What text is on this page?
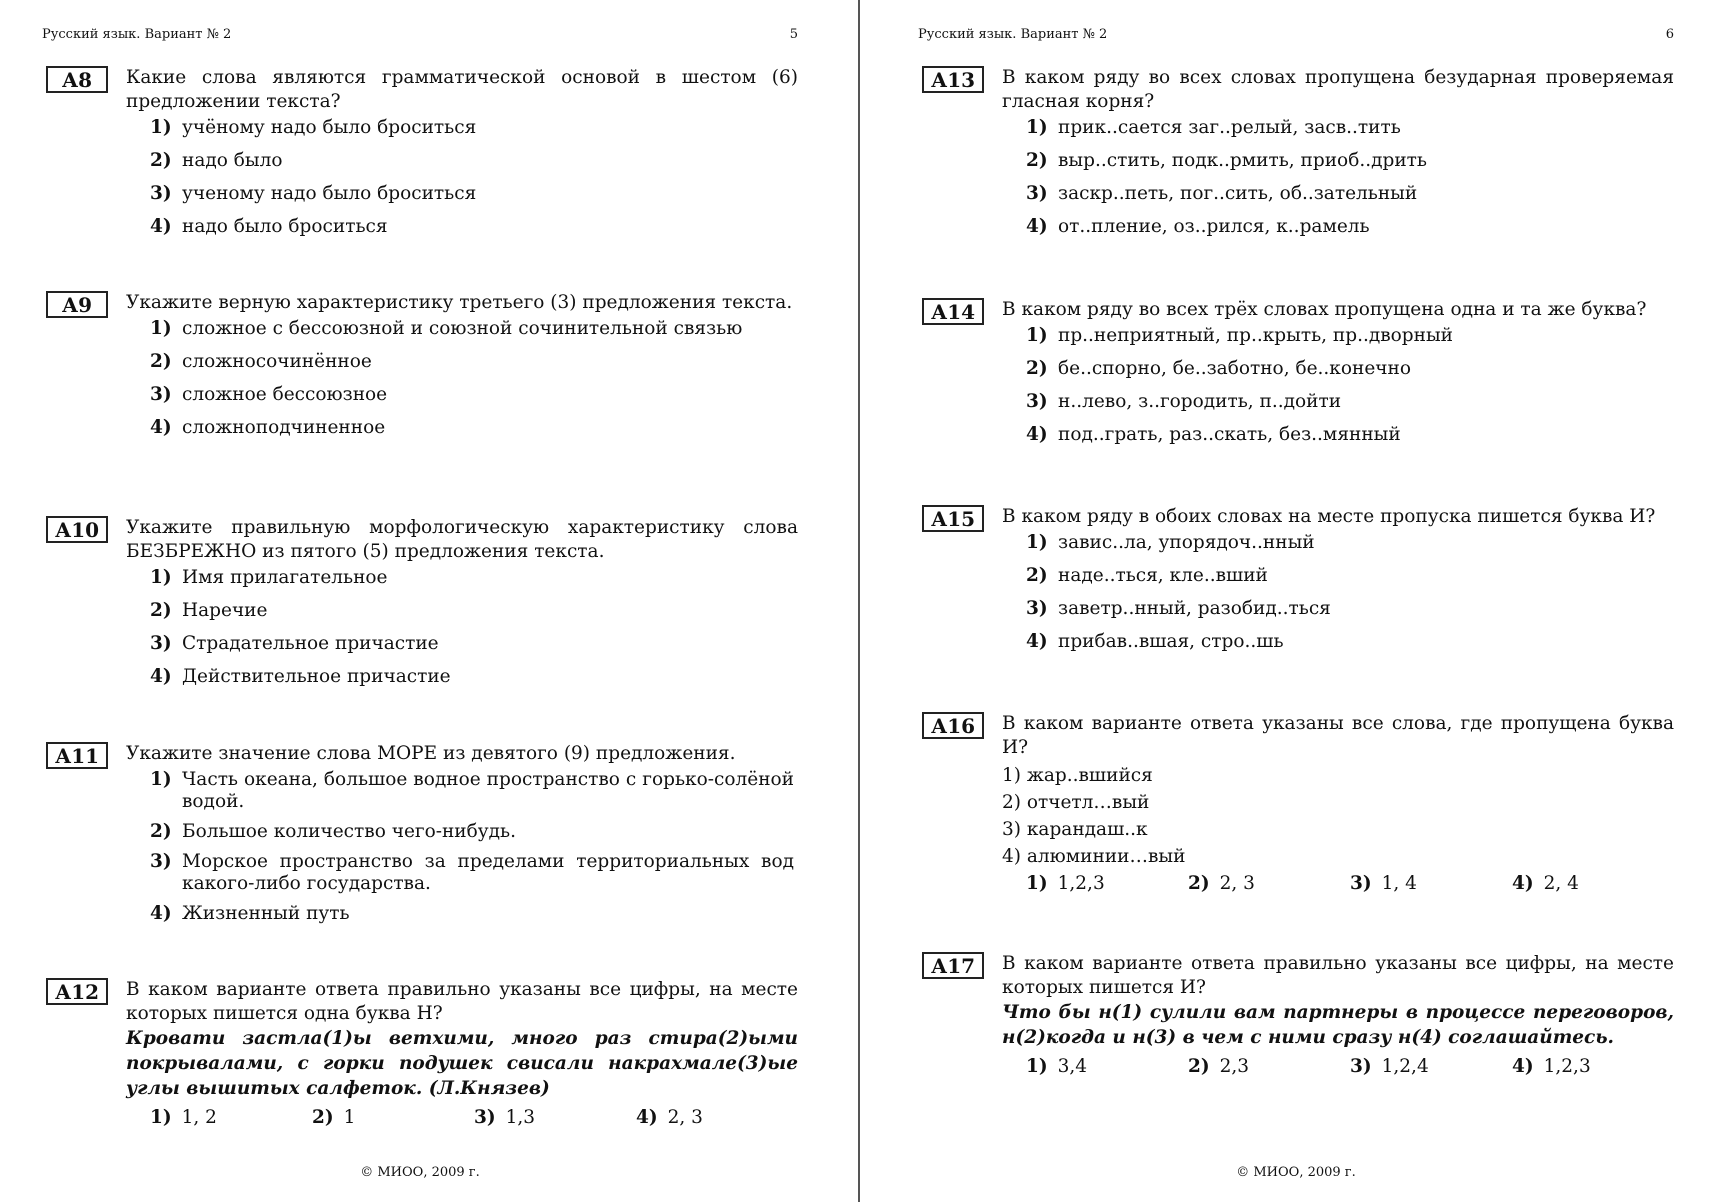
Русский язык. Вариант № 2	5
А8	Какие слова являются грамматической основой в шестом (6) предложении текста?
1) учёному надо было броситься
2) надо было
3) ученому надо было броситься
4) надо было броситься
А9	Укажите верную характеристику третьего (3) предложения текста.
1) сложное с бессоюзной и союзной сочинительной связью
2) сложносочинённое
3) сложное бессоюзное
4) сложноподчиненное
А10	Укажите правильную морфологическую характеристику слова БЕЗБРЕЖНО из пятого (5) предложения текста.
1) Имя прилагательное
2) Наречие
3) Страдательное причастие
4) Действительное причастие
А11	Укажите значение слова МОРЕ из девятого (9) предложения.
1) Часть океана, большое водное пространство с горько-солёной водой.
2) Большое количество чего-нибудь.
3) Морское пространство за пределами территориальных вод какого-либо государства.
4) Жизненный путь
А12	В каком варианте ответа правильно указаны все цифры, на месте которых пишется одна буква Н?
Кровати застла(1)ы ветхими, много раз стира(2)ыми покрывалами, с горки подушек свисали накрахмале(3)ые углы вышитых салфеток. (Л.Князев)
1) 1, 2	2) 1	3) 1,3	4) 2, 3
© МИОО, 2009 г.
Русский язык. Вариант № 2	6
А13	В каком ряду во всех словах пропущена безударная проверяемая гласная корня?
1) прик..сается заг..релый, засв..тить
2) выр..стить, подк..рмить, приоб..дрить
3) заскр..петь, пог..сить, об..зательный
4) от..пление, оз..рился, к..рамель
А14	В каком ряду во всех трёх словах пропущена одна и та же буква?
1) пр..неприятный, пр..крыть, пр..дворный
2) бе..спорно, бе..заботно, бе..конечно
3) н..лево, з..городить, п..дойти
4) под..грать, раз..скать, без..мянный
А15	В каком ряду в обоих словах на месте пропуска пишется буква И?
1) завис..ла, упорядоч..нный
2) наде..ться, кле..вший
3) заветр..нный, разобид..ться
4) прибав..вшая, стро..шь
А16	В каком варианте ответа указаны все слова, где пропущена буква И?
1) жар..вшийся
2) отчетл…вый
3) карандаш..к
4) алюминии…вый
1) 1,2,3	2) 2, 3	3) 1, 4	4) 2, 4
А17	В каком варианте ответа правильно указаны все цифры, на месте которых пишется И?
Что бы н(1) сулили вам партнеры в процессе переговоров, н(2)когда и н(3) в чем с ними сразу н(4) соглашайтесь.
1) 3,4	2) 2,3	3) 1,2,4	4) 1,2,3
© МИОО, 2009 г.
